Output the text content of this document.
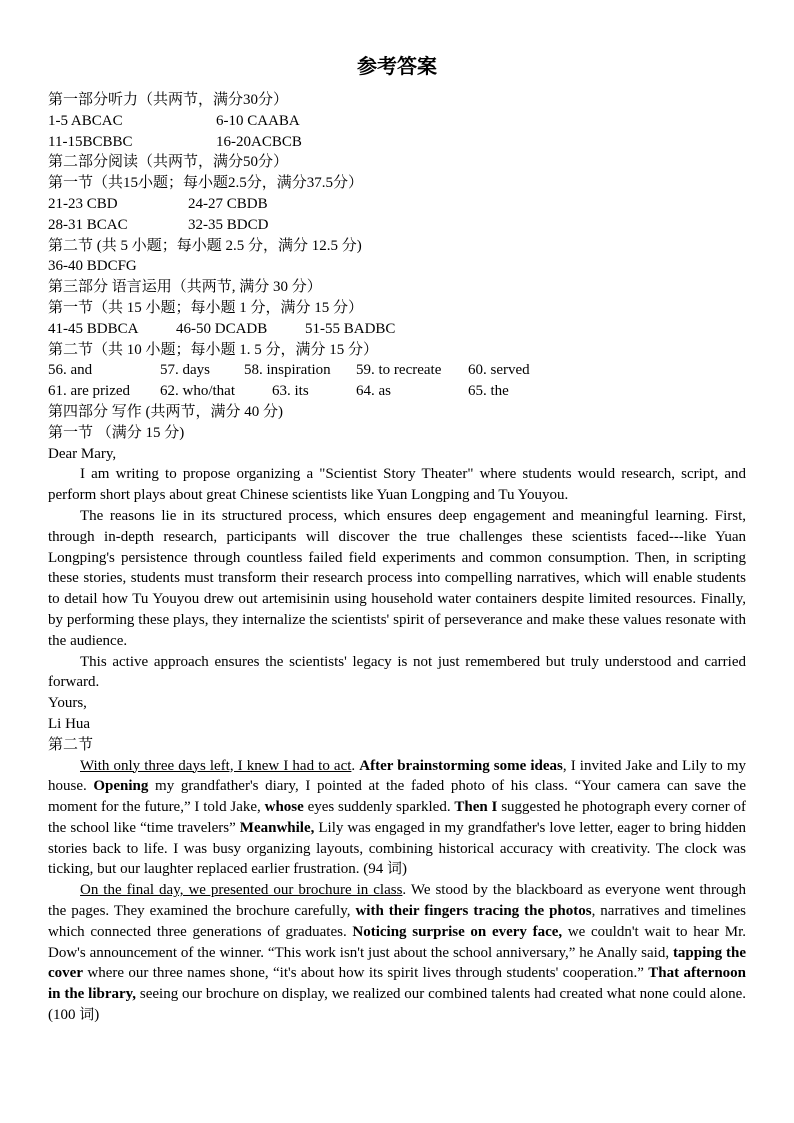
参考答案
第一部分听力（共两节，满分30分）
1-5 ABCAC	6-10 CAABA
11-15BCBBC	16-20ACBCB
第二部分阅读（共两节，满分50分）
第一节（共15小题；每小题2.5分，满分37.5分）
21-23 CBD	24-27 CBDB
28-31 BCAC	32-35 BDCD
第二节 (共 5 小题；每小题 2.5 分，满分 12.5 分)
36-40 BDCFG
第三部分 语言运用（共两节, 满分 30 分）
第一节（共 15 小题；每小题 1 分，满分 15 分）
41-45 BDBCA	46-50 DCADB	51-55 BADBC
第二节（共 10 小题；每小题 1. 5 分，满分 15 分）
56. and	57. days 58. inspiration 59. to recreate 60. served
61. are prized 62. who/that 63. its	64. as	65. the
第四部分 写作 (共两节，满分 40 分)
第一节 （满分 15 分)
Dear Mary,
I am writing to propose organizing a "Scientist Story Theater" where students would research, script, and perform short plays about great Chinese scientists like Yuan Longping and Tu Youyou.
The reasons lie in its structured process, which ensures deep engagement and meaningful learning. First, through in-depth research, participants will discover the true challenges these scientists faced---like Yuan Longping's persistence through countless failed field experiments and common consumption. Then, in scripting these stories, students must transform their research process into compelling narratives, which will enable students to detail how Tu Youyou drew out artemisinin using household water containers despite limited resources. Finally, by performing these plays, they internalize the scientists' spirit of perseverance and make these values resonate with the audience.
This active approach ensures the scientists' legacy is not just remembered but truly understood and carried forward.
Yours,
Li Hua
第二节
With only three days left, I knew I had to act. After brainstorming some ideas, I invited Jake and Lily to my house. Opening my grandfather's diary, I pointed at the faded photo of his class. “Your camera can save the moment for the future,” I told Jake, whose eyes suddenly sparkled. Then I suggested he photograph every corner of the school like “time travelers” Meanwhile, Lily was engaged in my grandfather's love letter, eager to bring hidden stories back to life. I was busy organizing layouts, combining historical accuracy with creativity. The clock was ticking, but our laughter replaced earlier frustration. (94 词)
On the final day, we presented our brochure in class. We stood by the blackboard as everyone went through the pages. They examined the brochure carefully, with their fingers tracing the photos, narratives and timelines which connected three generations of graduates. Noticing surprise on every face, we couldn't wait to hear Mr. Dow's announcement of the winner. “This work isn't just about the school anniversary,” he Anally said, tapping the cover where our three names shone, “it's about how its spirit lives through students' cooperation.” That afternoon in the library, seeing our brochure on display, we realized our combined talents had created what none could alone. (100 词)
